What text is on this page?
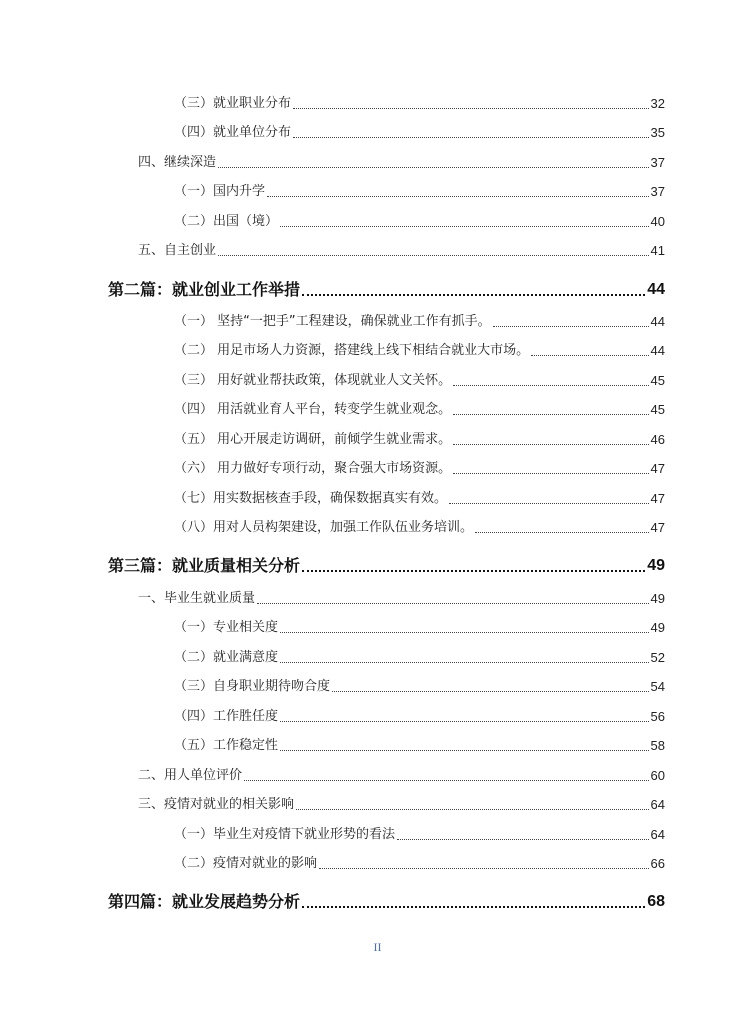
（三）就业职业分布	32
（四）就业单位分布	35
四、继续深造	37
（一）国内升学	37
（二）出国（境）	40
五、自主创业	41
第二篇：就业创业工作举措	44
（一） 坚持“一把手”工程建设，确保就业工作有抓手。	44
（二） 用足市场人力资源，搭建线上线下相结合就业大市场。	44
（三） 用好就业帮扶政策，体现就业人文关怀。	45
（四） 用活就业育人平台，转变学生就业观念。	45
（五） 用心开展走访调研，前倾学生就业需求。	46
（六） 用力做好专项行动，聚合强大市场资源。	47
（七）用实数据核查手段，确保数据真实有效。	47
（八）用对人员构架建设，加强工作队伍业务培训。	47
第三篇：就业质量相关分析	49
一、毕业生就业质量	49
（一）专业相关度	49
（二）就业满意度	52
（三）自身职业期待吻合度	54
（四）工作胜任度	56
（五）工作稳定性	58
二、用人单位评价	60
三、疫情对就业的相关影响	64
（一）毕业生对疫情下就业形势的看法	64
（二）疫情对就业的影响	66
第四篇：就业发展趋势分析	68
II
